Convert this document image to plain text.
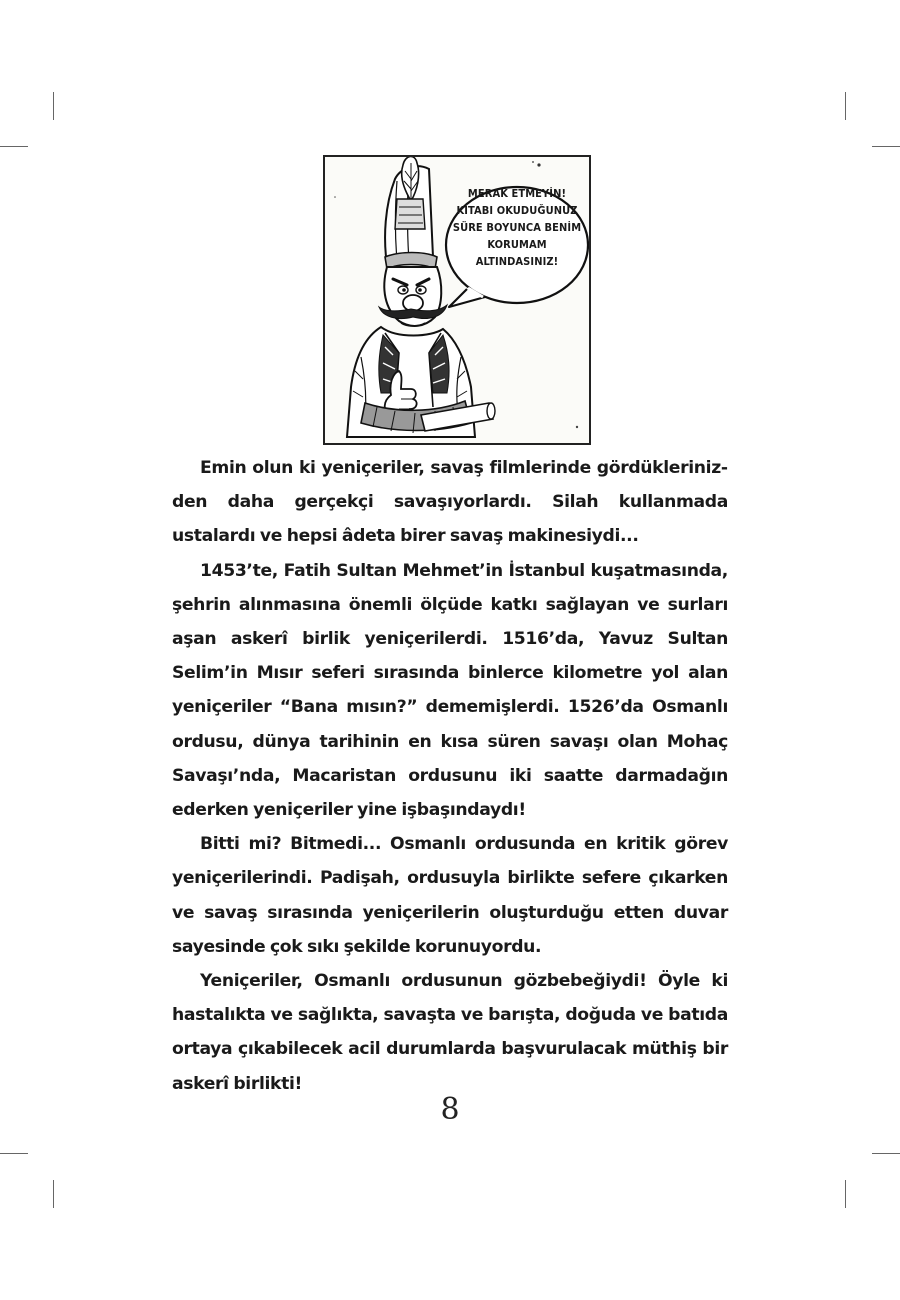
MERAK ETMEYİN!
KİTABI OKUDUĞUNUZ
SÜRE BOYUNCA BENİM
KORUMAM
ALTINDASINIZ!

Emin olun ki yeniçeriler, savaş filmlerinde gördüklerinizden daha gerçekçi savaşıyorlardı. Silah kullanmada ustalardı ve hepsi âdeta birer savaş makinesiydi...

1453’te, Fatih Sultan Mehmet’in İstanbul kuşatmasında, şehrin alınmasına önemli ölçüde katkı sağlayan ve surları aşan askerî birlik yeniçerilerdi. 1516’da, Yavuz Sultan Selim’in Mısır seferi sırasında binlerce kilometre yol alan yeniçeriler “Bana mısın?” dememişlerdi. 1526’da Osmanlı ordusu, dünya tarihinin en kısa süren savaşı olan Mohaç Savaşı’nda, Macaristan ordusunu iki saatte darmadağın ederken yeniçeriler yine işbaşındaydı!

Bitti mi? Bitmedi... Osmanlı ordusunda en kritik görev yeniçerilerindi. Padişah, ordusuyla birlikte sefere çıkarken ve savaş sırasında yeniçerilerin oluşturduğu etten duvar sayesinde çok sıkı şekilde korunuyordu.

Yeniçeriler, Osmanlı ordusunun gözbebeğiydi! Öyle ki hastalıkta ve sağlıkta, savaşta ve barışta, doğuda ve batıda ortaya çıkabilecek acil durumlarda başvurulacak müthiş bir askerî birlikti!

8
